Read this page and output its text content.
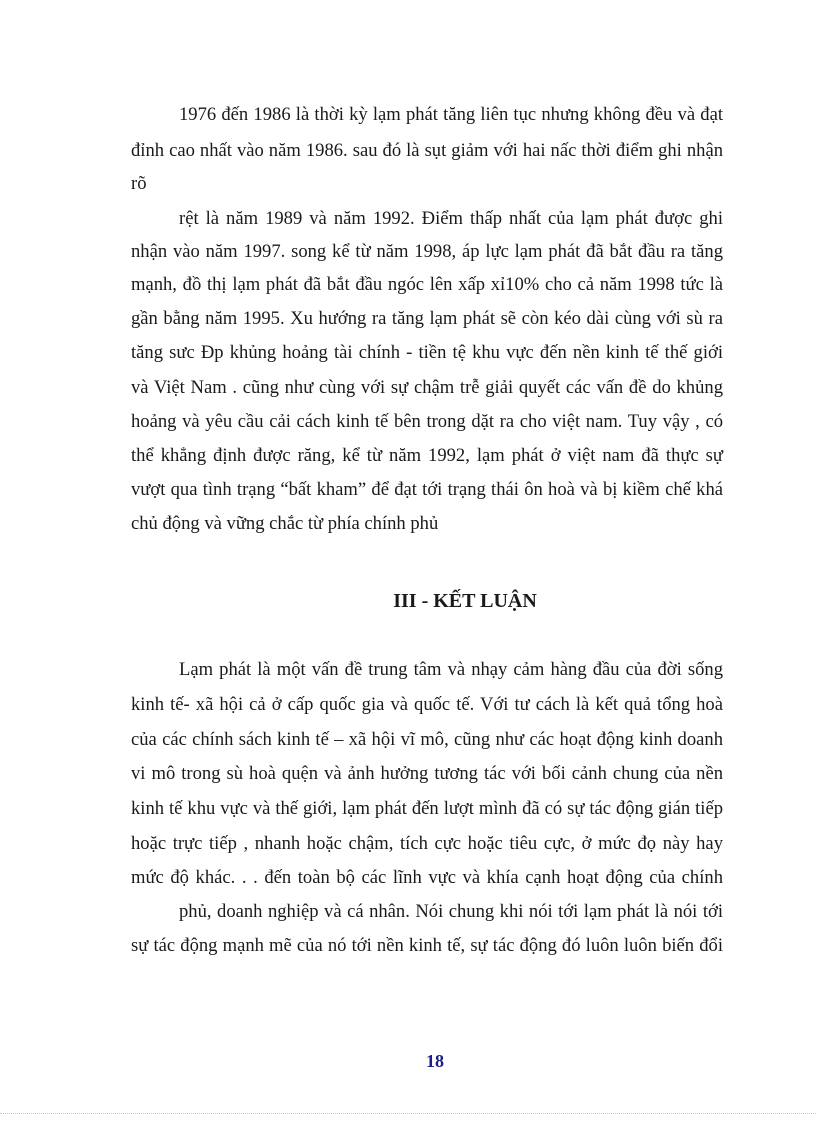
1976 đến 1986 là thời kỳ lạm phát tăng liên tục nhưng không đều và đạt
đỉnh cao nhất vào năm 1986. sau đó là sụt giảm với hai nấc thời điểm ghi nhận
rõ
rệt là năm 1989 và năm 1992. Điểm thấp nhất của lạm phát được ghi
nhận vào năm 1997. song kể từ năm 1998, áp lực lạm phát đã bắt đầu ra tăng
mạnh, đồ thị lạm phát đã bắt đầu ngóc lên xấp xỉ10% cho cả năm 1998 tức là
gần bằng năm 1995. Xu hướng ra tăng lạm phát sẽ còn kéo dài cùng với sù ra
tăng sưc Đp khủng hoảng tài chính - tiền tệ khu vực đến nền kinh tế thế giới
và Việt Nam . cũng như cùng với sự chậm trễ giải quyết các vấn đề do khủng
hoảng và yêu cầu cải cách kinh tế bên trong dặt ra cho việt nam. Tuy vậy , có
thể khẳng định được răng, kể từ năm 1992, lạm phát ở việt nam đã thực sự
vượt qua tình trạng “bất kham” để đạt tới trạng thái ôn hoà và bị kiềm chế khá
chủ động và vững chắc từ phía chính phủ
III - KẾT LUẬN
Lạm phát là một vấn đề trung tâm và nhạy cảm hàng đầu của đời sống
kinh tế- xã hội cả ở cấp quốc gia và quốc tế. Với tư cách là kết quả tổng hoà
của các chính sách kinh tế – xã hội vĩ mô, cũng như các hoạt động kinh doanh
vi mô trong sù hoà quện và ảnh hưởng tương tác với bối cảnh chung của nền
kinh tế khu vực và thế giới, lạm phát đến lượt mình đã có sự tác động gián tiếp
hoặc trực tiếp , nhanh hoặc chậm, tích cực hoặc tiêu cực, ở mức đọ này hay
mức độ khác. . . đến toàn bộ các lĩnh vực và khía cạnh hoạt động của chính
phủ, doanh nghiệp và cá nhân. Nói chung khi nói tới lạm phát là nói tới
sự tác động mạnh mẽ của nó tới nền kinh tế, sự tác động đó luôn luôn biến đổi
18
